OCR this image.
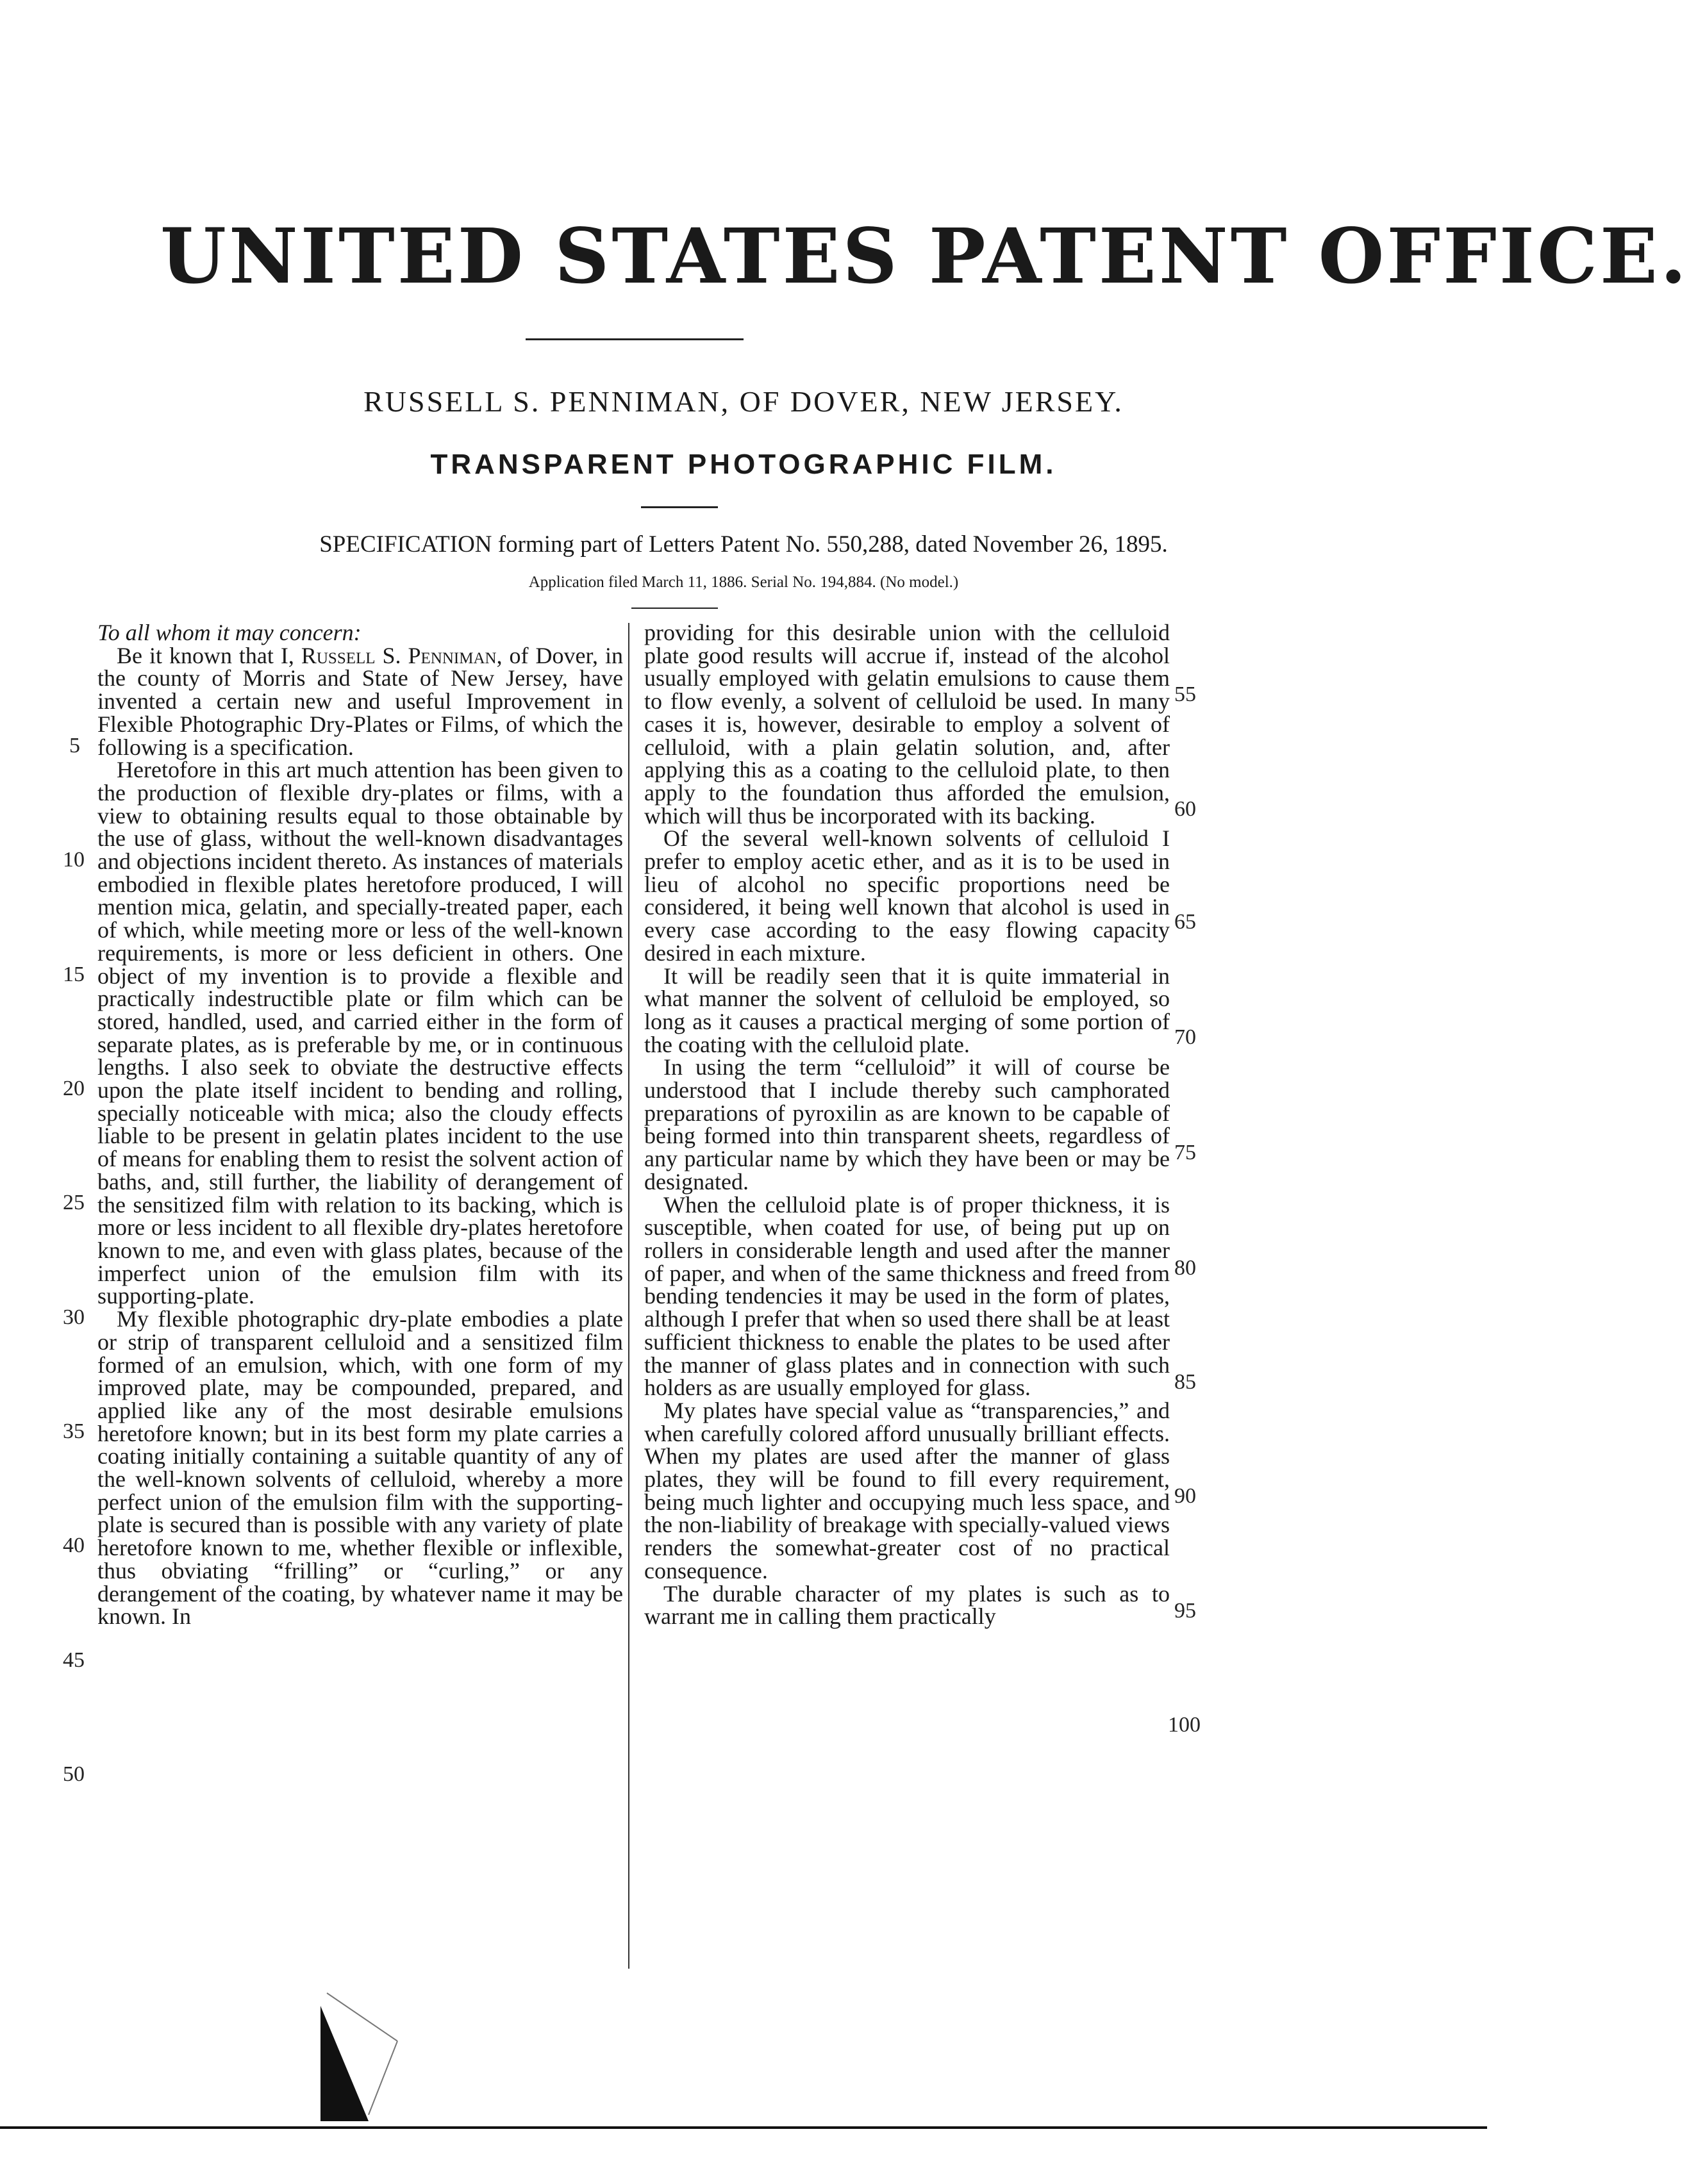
UNITED STATES PATENT OFFICE.
RUSSELL S. PENNIMAN, OF DOVER, NEW JERSEY.
TRANSPARENT PHOTOGRAPHIC FILM.
SPECIFICATION forming part of Letters Patent No. 550,288, dated November 26, 1895.
Application filed March 11, 1886. Serial No. 194,884. (No model.)

To all whom it may concern:

Be it known that I, Russell S. Penniman, of Dover, in the county of Morris and State of New Jersey, have invented a certain new and useful Improvement in Flexible Photographic Dry-Plates or Films, of which the following is a specification.

Heretofore in this art much attention has been given to the production of flexible dry-plates or films, with a view to obtaining results equal to those obtainable by the use of glass, without the well-known disadvantages and objections incident thereto. As instances of materials embodied in flexible plates heretofore produced, I will mention mica, gelatin, and specially-treated paper, each of which, while meeting more or less of the well-known requirements, is more or less deficient in others. One object of my invention is to provide a flexible and practically indestructible plate or film which can be stored, handled, used, and carried either in the form of separate plates, as is preferable by me, or in continuous lengths. I also seek to obviate the destructive effects upon the plate itself incident to bending and rolling, specially noticeable with mica; also the cloudy effects liable to be present in gelatin plates incident to the use of means for enabling them to resist the solvent action of baths, and, still further, the liability of derangement of the sensitized film with relation to its backing, which is more or less incident to all flexible dry-plates heretofore known to me, and even with glass plates, because of the imperfect union of the emulsion film with its supporting-plate.

My flexible photographic dry-plate embodies a plate or strip of transparent celluloid and a sensitized film formed of an emulsion, which, with one form of my improved plate, may be compounded, prepared, and applied like any of the most desirable emulsions heretofore known; but in its best form my plate carries a coating initially containing a suitable quantity of any of the well-known solvents of celluloid, whereby a more perfect union of the emulsion film with the supporting-plate is secured than is possible with any variety of plate heretofore known to me, whether flexible or inflexible, thus obviating “frilling” or “curling,” or any derangement of the coating, by whatever name it may be known. In

providing for this desirable union with the celluloid plate good results will accrue if, instead of the alcohol usually employed with gelatin emulsions to cause them to flow evenly, a solvent of celluloid be used. In many cases it is, however, desirable to employ a solvent of celluloid, with a plain gelatin solution, and, after applying this as a coating to the celluloid plate, to then apply to the foundation thus afforded the emulsion, which will thus be incorporated with its backing.

Of the several well-known solvents of celluloid I prefer to employ acetic ether, and as it is to be used in lieu of alcohol no specific proportions need be considered, it being well known that alcohol is used in every case according to the easy flowing capacity desired in each mixture.

It will be readily seen that it is quite immaterial in what manner the solvent of celluloid be employed, so long as it causes a practical merging of some portion of the coating with the celluloid plate.

In using the term “celluloid” it will of course be understood that I include thereby such camphorated preparations of pyroxilin as are known to be capable of being formed into thin transparent sheets, regardless of any particular name by which they have been or may be designated.

When the celluloid plate is of proper thickness, it is susceptible, when coated for use, of being put up on rollers in considerable length and used after the manner of paper, and when of the same thickness and freed from bending tendencies it may be used in the form of plates, although I prefer that when so used there shall be at least sufficient thickness to enable the plates to be used after the manner of glass plates and in connection with such holders as are usually employed for glass.

My plates have special value as “transparencies,” and when carefully colored afford unusually brilliant effects. When my plates are used after the manner of glass plates, they will be found to fill every requirement, being much lighter and occupying much less space, and the non-liability of breakage with specially-valued views renders the somewhat-greater cost of no practical consequence.

The durable character of my plates is such as to warrant me in calling them practically

5
10
15
20
25
30
35
40
45
50
55
60
65
70
75
80
85
90
95
100
